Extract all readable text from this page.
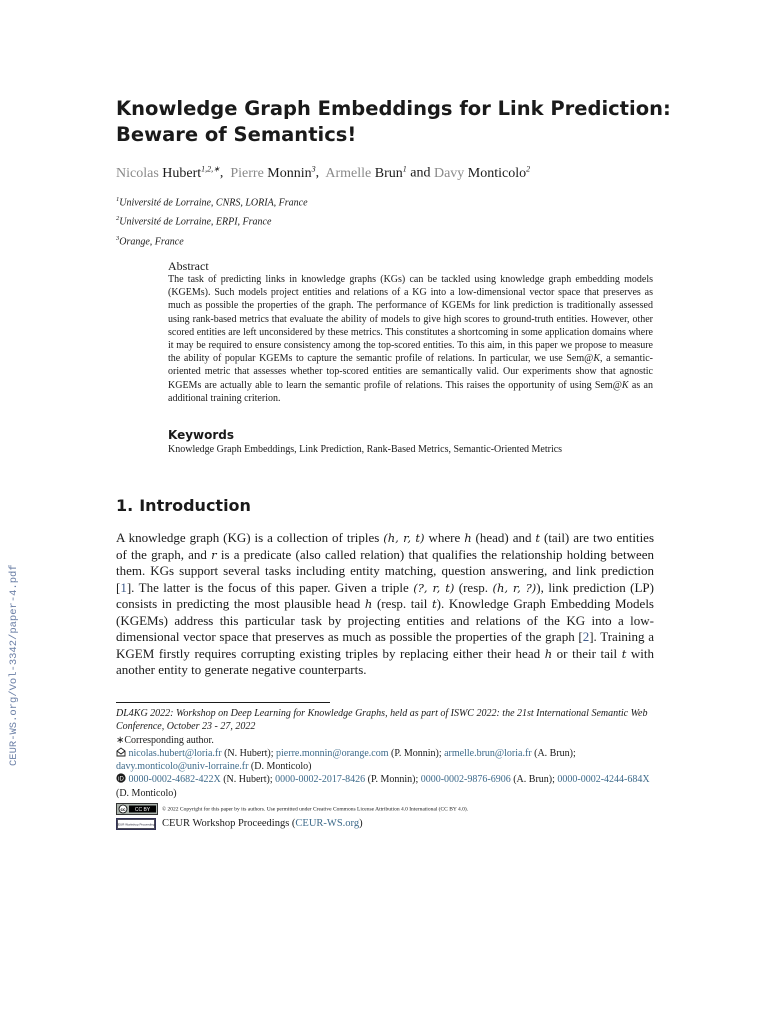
CEUR-WS.org/Vol-3342/paper-4.pdf
Knowledge Graph Embeddings for Link Prediction:
Beware of Semantics!
Nicolas Hubert$^{1,2,∗}$,  Pierre Monnin$^3$,  Armelle Brun$^1$ and Davy Monticolo$^2$
$^1$Université de Lorraine, CNRS, LORIA, France
$^2$Université de Lorraine, ERPI, France
$^3$Orange, France
Abstract
The task of predicting links in knowledge graphs (KGs) can be tackled using knowledge graph embedding models (KGEMs). Such models project entities and relations of a KG into a low-dimensional vector space that preserves as much as possible the properties of the graph. The performance of KGEMs for link prediction is traditionally assessed using rank-based metrics that evaluate the ability of models to give high scores to ground-truth entities. However, other scored entities are left unconsidered by these metrics. This constitutes a shortcoming in some application domains where it may be required to ensure consistency among the top-scored entities. To this aim, in this paper we propose to measure the ability of popular KGEMs to capture the semantic profile of relations. In particular, we use Sem@K, a semantic-oriented metric that assesses whether top-scored entities are semantically valid. Our experiments show that agnostic KGEMs are actually able to learn the semantic profile of relations. This raises the opportunity of using Sem@K as an additional training criterion.
Keywords
Knowledge Graph Embeddings, Link Prediction, Rank-Based Metrics, Semantic-Oriented Metrics
1. Introduction
A knowledge graph (KG) is a collection of triples (h, r, t) where h (head) and t (tail) are two entities of the graph, and r is a predicate (also called relation) that qualifies the relationship holding between them. KGs support several tasks including entity matching, question answering, and link prediction [1]. The latter is the focus of this paper. Given a triple (?, r, t) (resp. (h, r, ?)), link prediction (LP) consists in predicting the most plausible head h (resp. tail t). Knowledge Graph Embedding Models (KGEMs) address this particular task by projecting entities and relations of the KG into a low-dimensional vector space that preserves as much as possible the properties of the graph [2]. Training a KGEM firstly requires corrupting existing triples by replacing either their head h or their tail t with another entity to generate negative counterparts.
DL4KG 2022: Workshop on Deep Learning for Knowledge Graphs, held as part of ISWC 2022: the 21st International Semantic Web Conference, October 23 - 27, 2022
∗Corresponding author.
nicolas.hubert@loria.fr (N. Hubert); pierre.monnin@orange.com (P. Monnin); armelle.brun@loria.fr (A. Brun); davy.monticolo@univ-lorraine.fr (D. Monticolo)
iD 0000-0002-4682-422X (N. Hubert); 0000-0002-2017-8426 (P. Monnin); 0000-0002-9876-6906 (A. Brun); 0000-0002-4244-684X (D. Monticolo)
cc CC BY © 2022 Copyright for this paper by its authors. Use permitted under Creative Commons License Attribution 4.0 International (CC BY 4.0).
CEUR Workshop Proceedings CEUR Workshop Proceedings (CEUR-WS.org)
